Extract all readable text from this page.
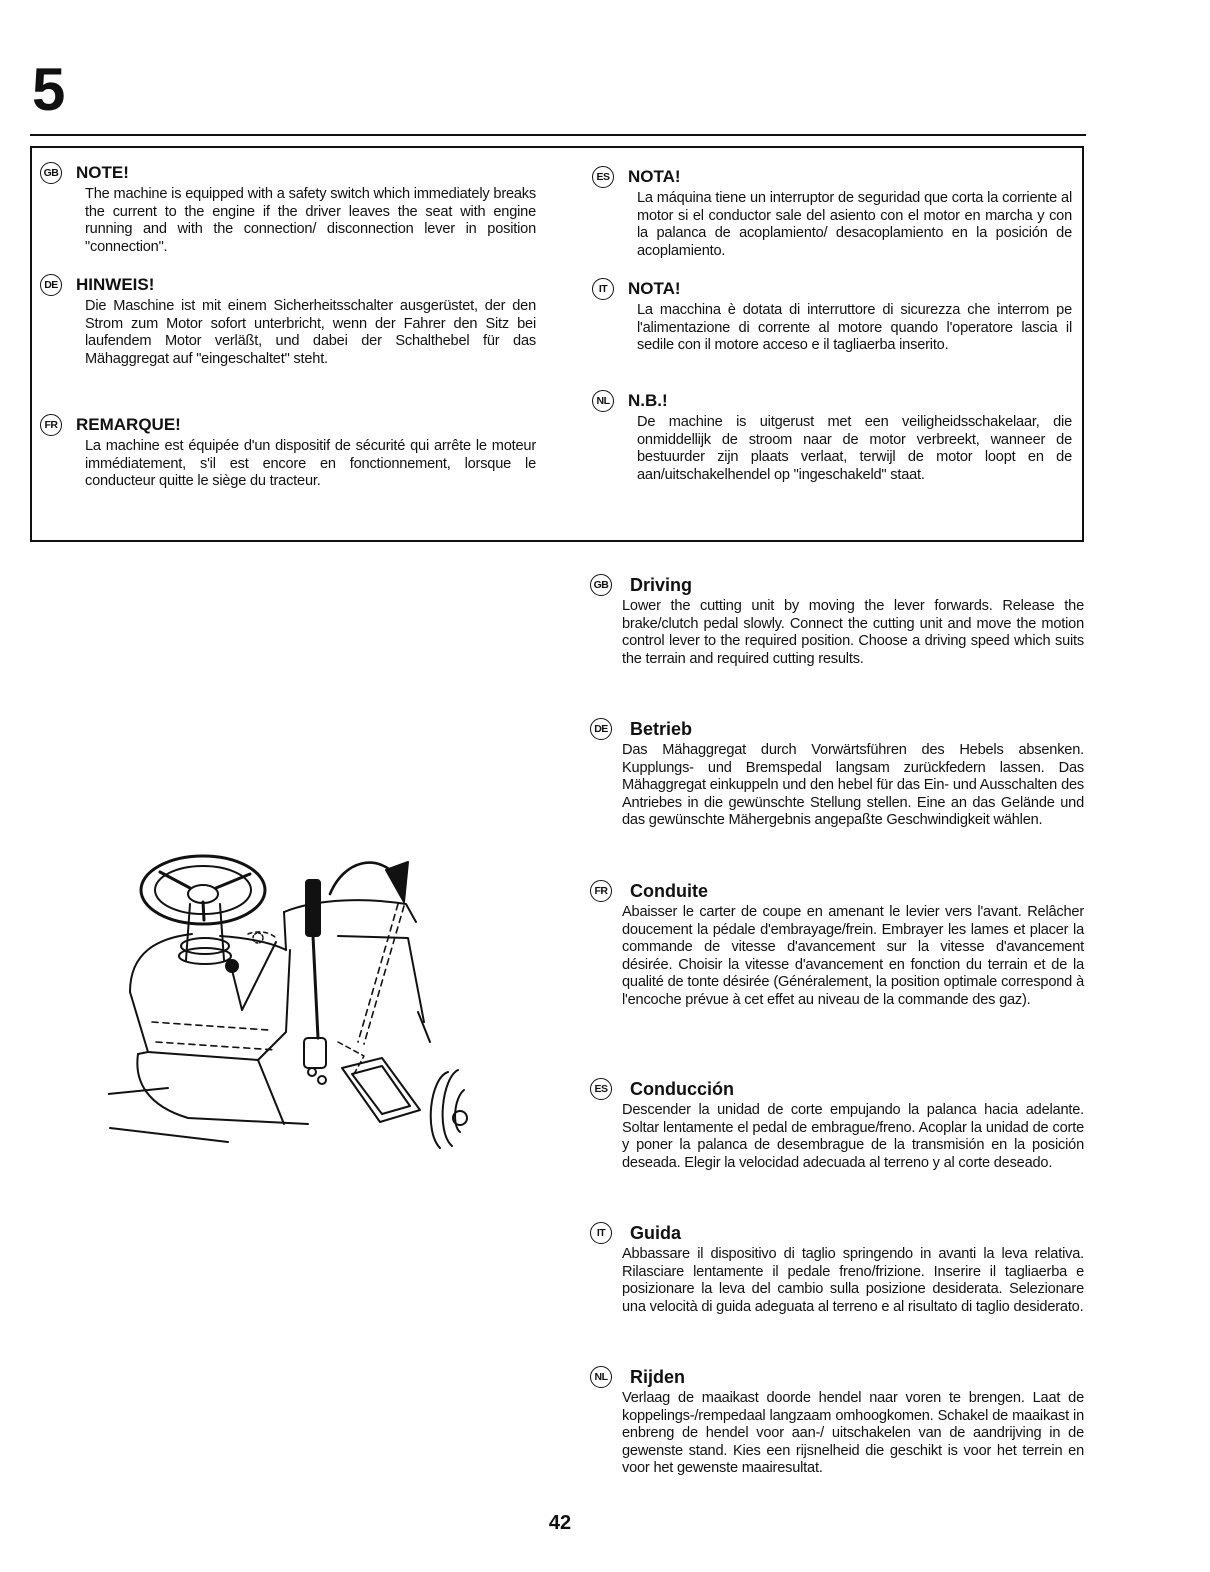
5
GB NOTE!

The machine is equipped with a safety switch which immediately breaks the current to the engine if the driver leaves the seat with engine running and with the connection/ disconnection lever in position "connection".

DE HINWEIS!

Die Maschine ist mit einem Sicherheitsschalter ausgerüstet, der den Strom zum Motor sofort unterbricht, wenn der Fahrer den Sitz bei laufendem Motor verläßt, und dabei der Schalthebel für das Mähaggregat auf "eingeschaltet" steht.

FR REMARQUE!

La machine est équipée d'un dispositif de sécurité qui arrête le moteur immédiatement, s'il est encore en fonctionnement, lorsque le conducteur quitte le siège du tracteur.

ES NOTA!

La máquina tiene un interruptor de seguridad que corta la corriente al motor si el conductor sale del asiento con el motor en marcha y con la palanca de acoplamiento/ desacoplamiento en la posición de acoplamiento.

IT	NOTA!

La macchina è dotata di interruttore di sicurezza che interrom pe l'alimentazione di corrente al motore quando l'operatore lascia il sedile con il motore acceso e il tagliaerba inserito.

NL N.B.!

De machine is uitgerust met een veiligheidsschakelaar, die onmiddellijk de stroom naar de motor verbreekt, wanneer de bestuurder zijn plaats verlaat, terwijl de motor loopt en de aan/uitschakelhendel op "ingeschakeld" staat.

GB Driving

Lower the cutting unit by moving the lever forwards. Release the brake/clutch pedal slowly. Connect the cutting unit and move the motion control lever to the required position. Choose a driving speed which suits the terrain and required cutting results.

DE Betrieb

Das Mähaggregat durch Vorwärtsführen des Hebels absenken. Kupplungs- und Bremspedal langsam zurückfedern lassen. Das Mähaggregat einkuppeln und den hebel für das Ein- und Ausschalten des Antriebes in die gewünschte Stellung stellen. Eine an das Gelände und das gewünschte Mähergebnis angepaßte Geschwindigkeit wählen.

FR Conduite

Abaisser le carter de coupe en amenant le levier vers l'avant. Relâcher doucement la pédale d'embrayage/frein. Embrayer les lames et placer la commande de vitesse d'avancement sur la vitesse d'avancement désirée. Choisir la vitesse d'avancement en fonction du terrain et de la qualité de tonte désirée (Généralement, la position optimale correspond à l'encoche prévue à cet effet au niveau de la commande des gaz).

ES Conducción

Descender la unidad de corte empujando la palanca hacia adelante. Soltar lentamente el pedal de embrague/freno. Acoplar la unidad de corte y poner la palanca de desembrague de la transmisión en la posición deseada. Elegir la velocidad adecuada al terreno y al corte deseado.

IT	Guida

Abbassare il dispositivo di taglio springendo in avanti la leva relativa. Rilasciare lentamente il pedale freno/frizione. Inserire il tagliaerba e posizionare la leva del cambio sulla posizione desiderata. Selezionare una velocità di guida adeguata al terreno e al risultato di taglio desiderato.

NL Rijden

Verlaag de maaikast doorde hendel naar voren te brengen. Laat de koppelings-/rempedaal langzaam omhoogkomen. Schakel de maaikast in enbreng de hendel voor aan-/ uitschakelen van de aandrijving in de gewenste stand. Kies een rijsnelheid die geschikt is voor het terrein en voor het gewenste maairesultat.

42
